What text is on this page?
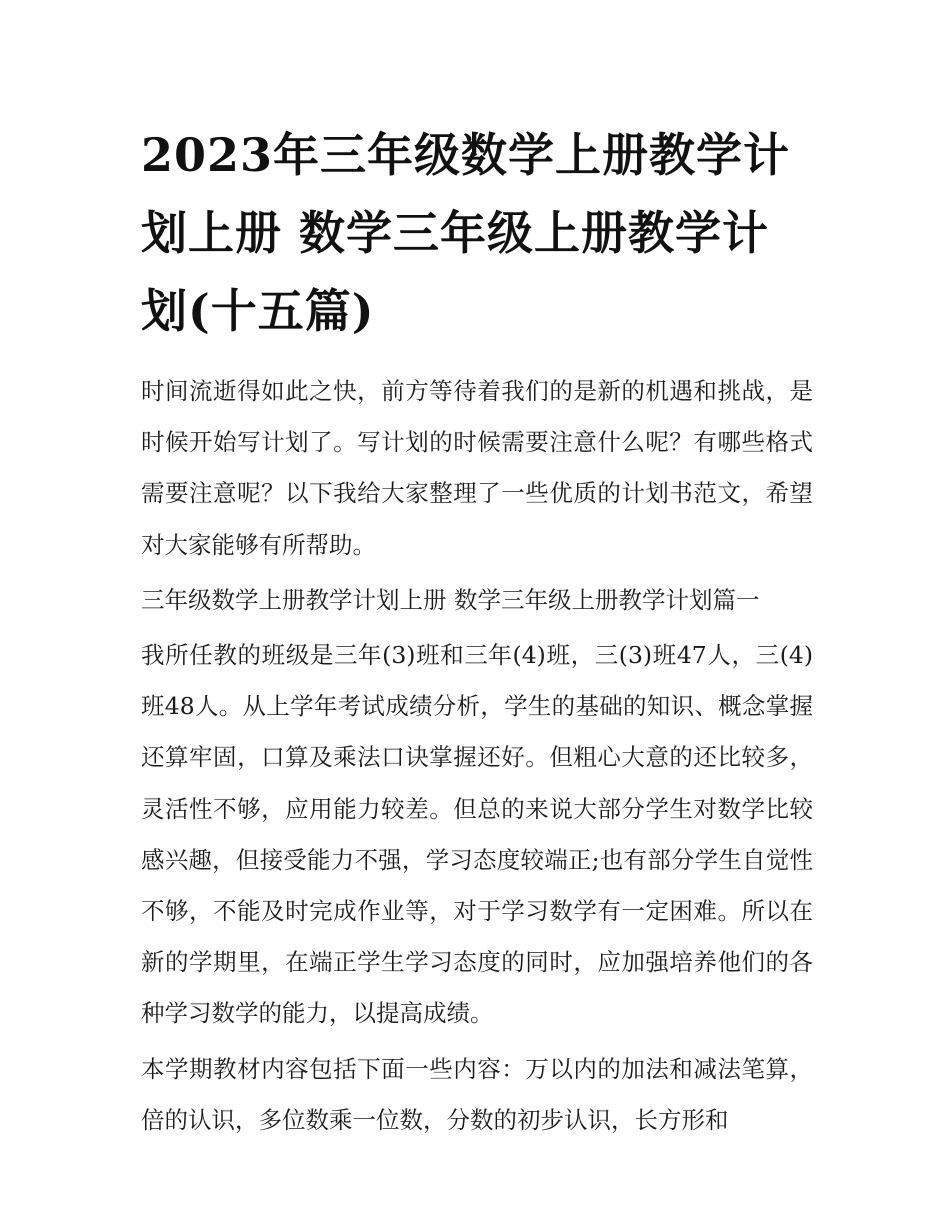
2023年三年级数学上册教学计划上册 数学三年级上册教学计划(十五篇)

时间流逝得如此之快，前方等待着我们的是新的机遇和挑战，是时候开始写计划了。写计划的时候需要注意什么呢？有哪些格式需要注意呢？以下我给大家整理了一些优质的计划书范文，希望对大家能够有所帮助。

三年级数学上册教学计划上册 数学三年级上册教学计划篇一

我所任教的班级是三年(3)班和三年(4)班，三(3)班47人，三(4)班48人。从上学年考试成绩分析，学生的基础的知识、概念掌握还算牢固，口算及乘法口诀掌握还好。但粗心大意的还比较多，灵活性不够，应用能力较差。但总的来说大部分学生对数学比较感兴趣，但接受能力不强，学习态度较端正;也有部分学生自觉性不够，不能及时完成作业等，对于学习数学有一定困难。所以在新的学期里，在端正学生学习态度的同时，应加强培养他们的各种学习数学的能力，以提高成绩。

本学期教材内容包括下面一些内容：万以内的加法和减法笔算，倍的认识，多位数乘一位数，分数的初步认识，长方形和
